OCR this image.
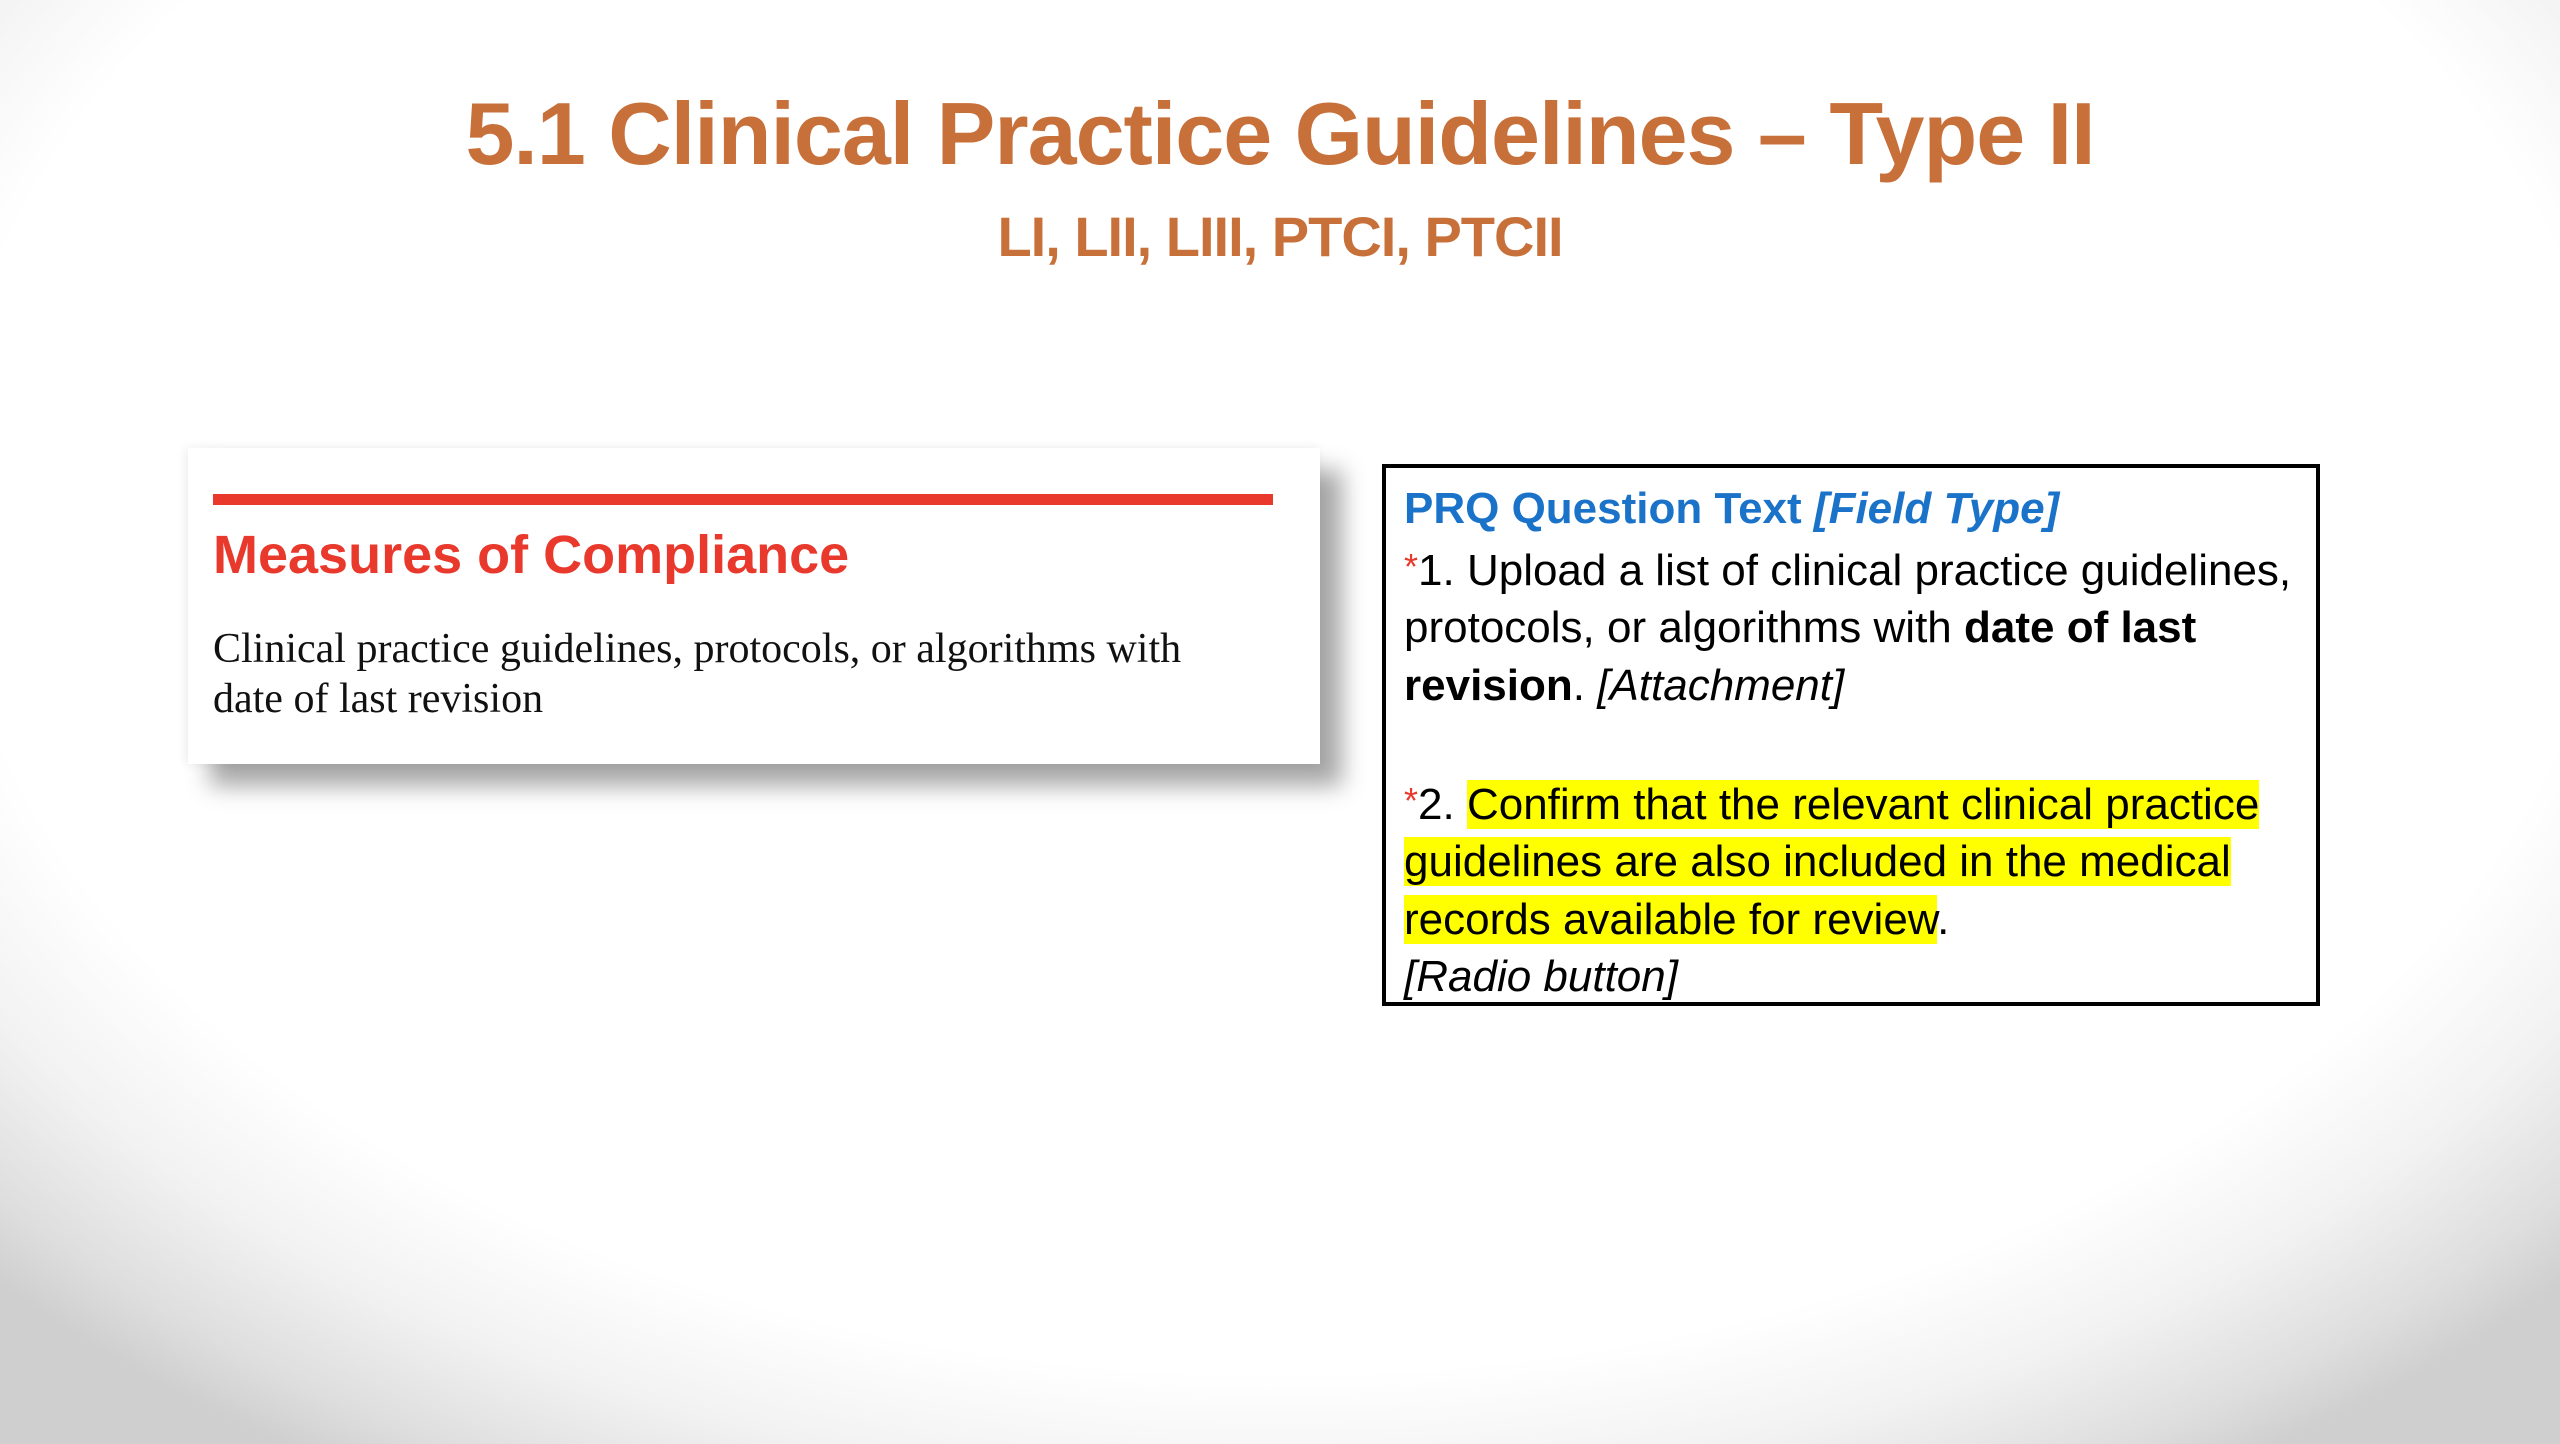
5.1 Clinical Practice Guidelines – Type II
LI, LII, LIII, PTCI, PTCII
Measures of Compliance
Clinical practice guidelines, protocols, or algorithms with
date of last revision
PRQ Question Text [Field Type]
*1. Upload a list of clinical practice guidelines, protocols, or algorithms with date of last revision. [Attachment]
*2. Confirm that the relevant clinical practice guidelines are also included in the medical records available for review.
[Radio button]
